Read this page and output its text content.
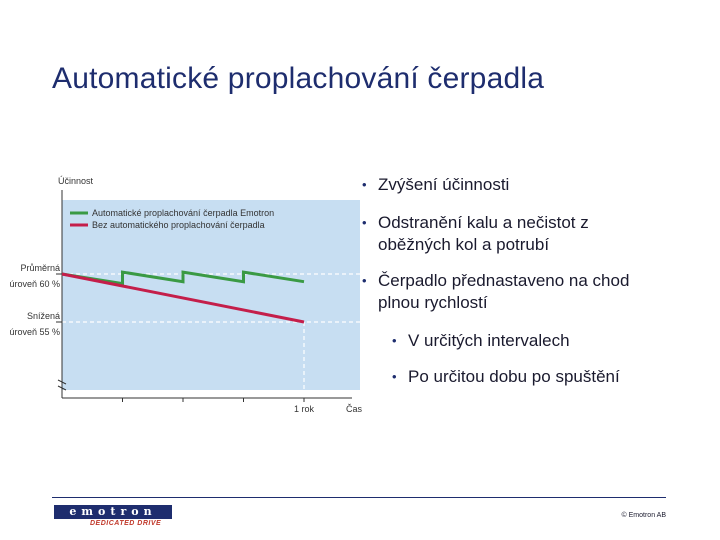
Automatické proplachování čerpadla
Účinnost
Čas
1 rok
Průměrná
úroveň 60 %
Snížená
úroveň 55 %
Automatické proplachování čerpadla Emotron
Bez automatického proplachování čerpadla
• Zvýšení účinnosti
• Odstranění kalu a nečistot z oběžných kol a potrubí
• Čerpadlo přednastaveno na chod plnou rychlostí
• V určitých intervalech
• Po určitou dobu po spuštění
emotron
DEDICATED DRIVE
© Emotron AB
